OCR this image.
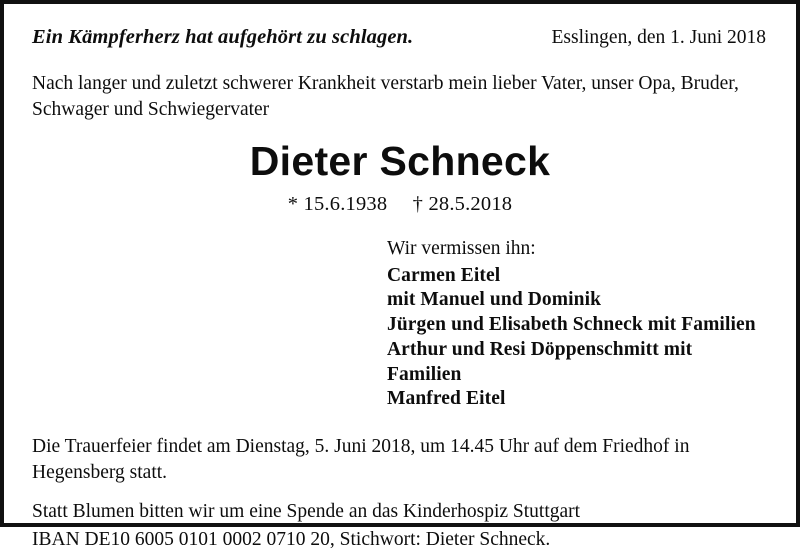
Ein Kämpferherz hat aufgehört zu schlagen.	Esslingen, den 1. Juni 2018
Nach langer und zuletzt schwerer Krankheit verstarb mein lieber Vater, unser Opa, Bruder, Schwager und Schwiegervater
Dieter Schneck
* 15.6.1938 † 28.5.2018
Wir vermissen ihn:
Carmen Eitel
mit Manuel und Dominik
Jürgen und Elisabeth Schneck mit Familien
Arthur und Resi Döppenschmitt mit Familien
Manfred Eitel
Die Trauerfeier findet am Dienstag, 5. Juni 2018, um 14.45 Uhr auf dem Friedhof in Hegensberg statt.
Statt Blumen bitten wir um eine Spende an das Kinderhospiz Stuttgart
IBAN DE10 6005 0101 0002 0710 20, Stichwort: Dieter Schneck.
